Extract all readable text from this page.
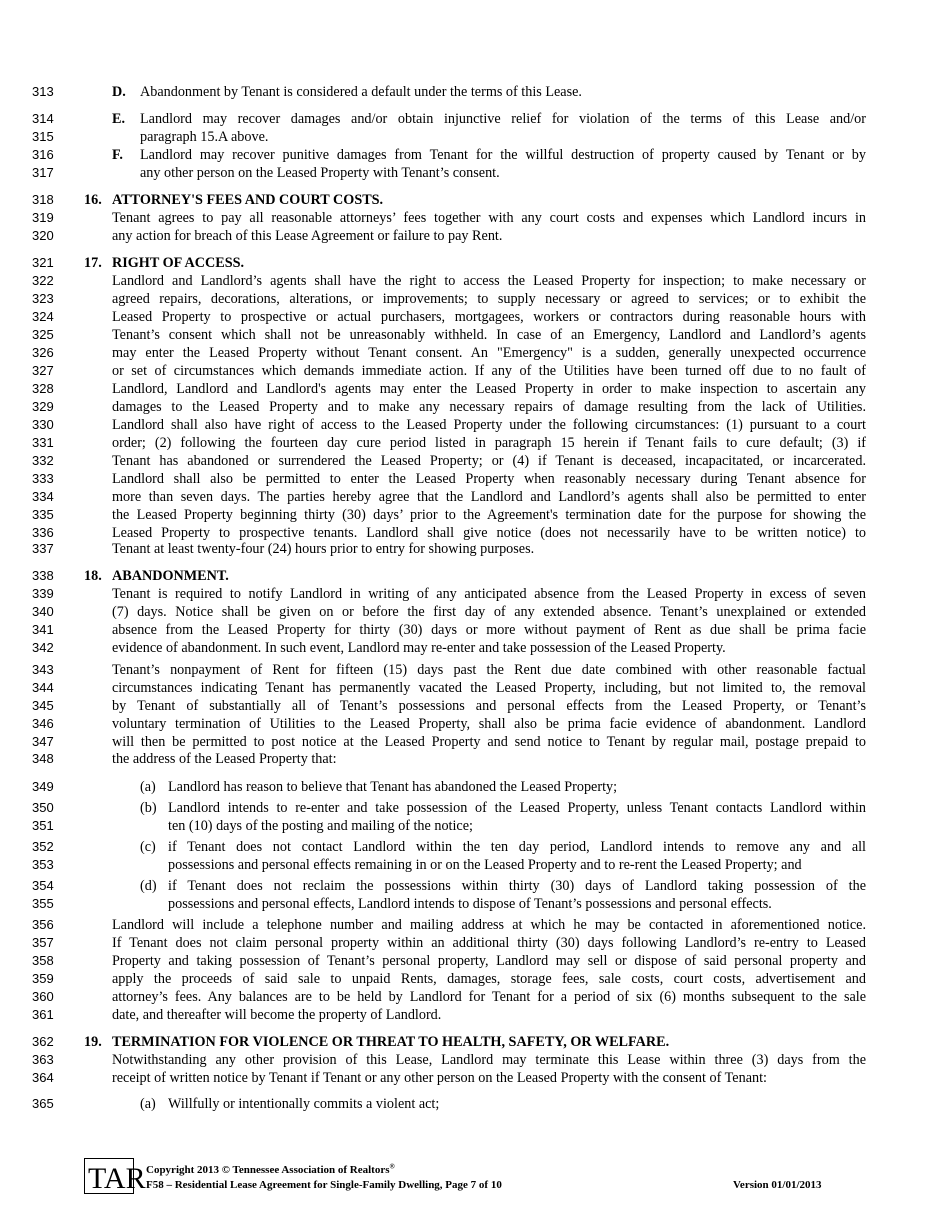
313
314
315
316
317
318
319
320
321
322
323
324
325
326
327
328
329
330
331
332
333
334
335
336
337
338
339
340
341
342
343
344
345
346
347
348
349
350
351
352
353
354
355
356
357
358
359
360
361
362
363
364
365
D. Abandonment by Tenant is considered a default under the terms of this Lease.
E. Landlord may recover damages and/or obtain injunctive relief for violation of the terms of this Lease and/or
paragraph 15.A above.
F. Landlord may recover punitive damages from Tenant for the willful destruction of property caused by Tenant or by
any other person on the Leased Property with Tenant’s consent.
16. ATTORNEY'S FEES AND COURT COSTS.
Tenant agrees to pay all reasonable attorneys’ fees together with any court costs and expenses which Landlord incurs in
any action for breach of this Lease Agreement or failure to pay Rent.
17. RIGHT OF ACCESS.
Landlord and Landlord’s agents shall have the right to access the Leased Property for inspection; to make necessary or
agreed repairs, decorations, alterations, or improvements; to supply necessary or agreed to services; or to exhibit the
Leased Property to prospective or actual purchasers, mortgagees, workers or contractors during reasonable hours with
Tenant’s consent which shall not be unreasonably withheld. In case of an Emergency, Landlord and Landlord’s agents
may enter the Leased Property without Tenant consent. An "Emergency" is a sudden, generally unexpected occurrence
or set of circumstances which demands immediate action. If any of the Utilities have been turned off due to no fault of
Landlord, Landlord and Landlord's agents may enter the Leased Property in order to make inspection to ascertain any
damages to the Leased Property and to make any necessary repairs of damage resulting from the lack of Utilities.
Landlord shall also have right of access to the Leased Property under the following circumstances: (1) pursuant to a court
order; (2) following the fourteen day cure period listed in paragraph 15 herein if Tenant fails to cure default; (3) if
Tenant has abandoned or surrendered the Leased Property; or (4) if Tenant is deceased, incapacitated, or incarcerated.
Landlord shall also be permitted to enter the Leased Property when reasonably necessary during Tenant absence for
more than seven days. The parties hereby agree that the Landlord and Landlord’s agents shall also be permitted to enter
the Leased Property beginning thirty (30) days’ prior to the Agreement's termination date for the purpose for showing the
Leased Property to prospective tenants. Landlord shall give notice (does not necessarily have to be written notice) to
Tenant at least twenty-four (24) hours prior to entry for showing purposes.
18. ABANDONMENT.
Tenant is required to notify Landlord in writing of any anticipated absence from the Leased Property in excess of seven
(7) days. Notice shall be given on or before the first day of any extended absence. Tenant’s unexplained or extended
absence from the Leased Property for thirty (30) days or more without payment of Rent as due shall be prima facie
evidence of abandonment. In such event, Landlord may re-enter and take possession of the Leased Property.
Tenant’s nonpayment of Rent for fifteen (15) days past the Rent due date combined with other reasonable factual
circumstances indicating Tenant has permanently vacated the Leased Property, including, but not limited to, the removal
by Tenant of substantially all of Tenant’s possessions and personal effects from the Leased Property, or Tenant’s
voluntary termination of Utilities to the Leased Property, shall also be prima facie evidence of abandonment. Landlord
will then be permitted to post notice at the Leased Property and send notice to Tenant by regular mail, postage prepaid to
the address of the Leased Property that:
(a) Landlord has reason to believe that Tenant has abandoned the Leased Property;
(b) Landlord intends to re-enter and take possession of the Leased Property, unless Tenant contacts Landlord within
ten (10) days of the posting and mailing of the notice;
(c) if Tenant does not contact Landlord within the ten day period, Landlord intends to remove any and all
possessions and personal effects remaining in or on the Leased Property and to re-rent the Leased Property; and
(d) if Tenant does not reclaim the possessions within thirty (30) days of Landlord taking possession of the
possessions and personal effects, Landlord intends to dispose of Tenant’s possessions and personal effects.
Landlord will include a telephone number and mailing address at which he may be contacted in aforementioned notice.
If Tenant does not claim personal property within an additional thirty (30) days following Landlord’s re-entry to Leased
Property and taking possession of Tenant’s personal property, Landlord may sell or dispose of said personal property and
apply the proceeds of said sale to unpaid Rents, damages, storage fees, sale costs, court costs, advertisement and
attorney’s fees. Any balances are to be held by Landlord for Tenant for a period of six (6) months subsequent to the sale
date, and thereafter will become the property of Landlord.
19. TERMINATION FOR VIOLENCE OR THREAT TO HEALTH, SAFETY, OR WELFARE.
Notwithstanding any other provision of this Lease, Landlord may terminate this Lease within three (3) days from the
receipt of written notice by Tenant if Tenant or any other person on the Leased Property with the consent of Tenant:
(a) Willfully or intentionally commits a violent act;
TAR Copyright 2013 © Tennessee Association of Realtors®
F58 – Residential Lease Agreement for Single-Family Dwelling, Page 7 of 10	Version 01/01/2013
